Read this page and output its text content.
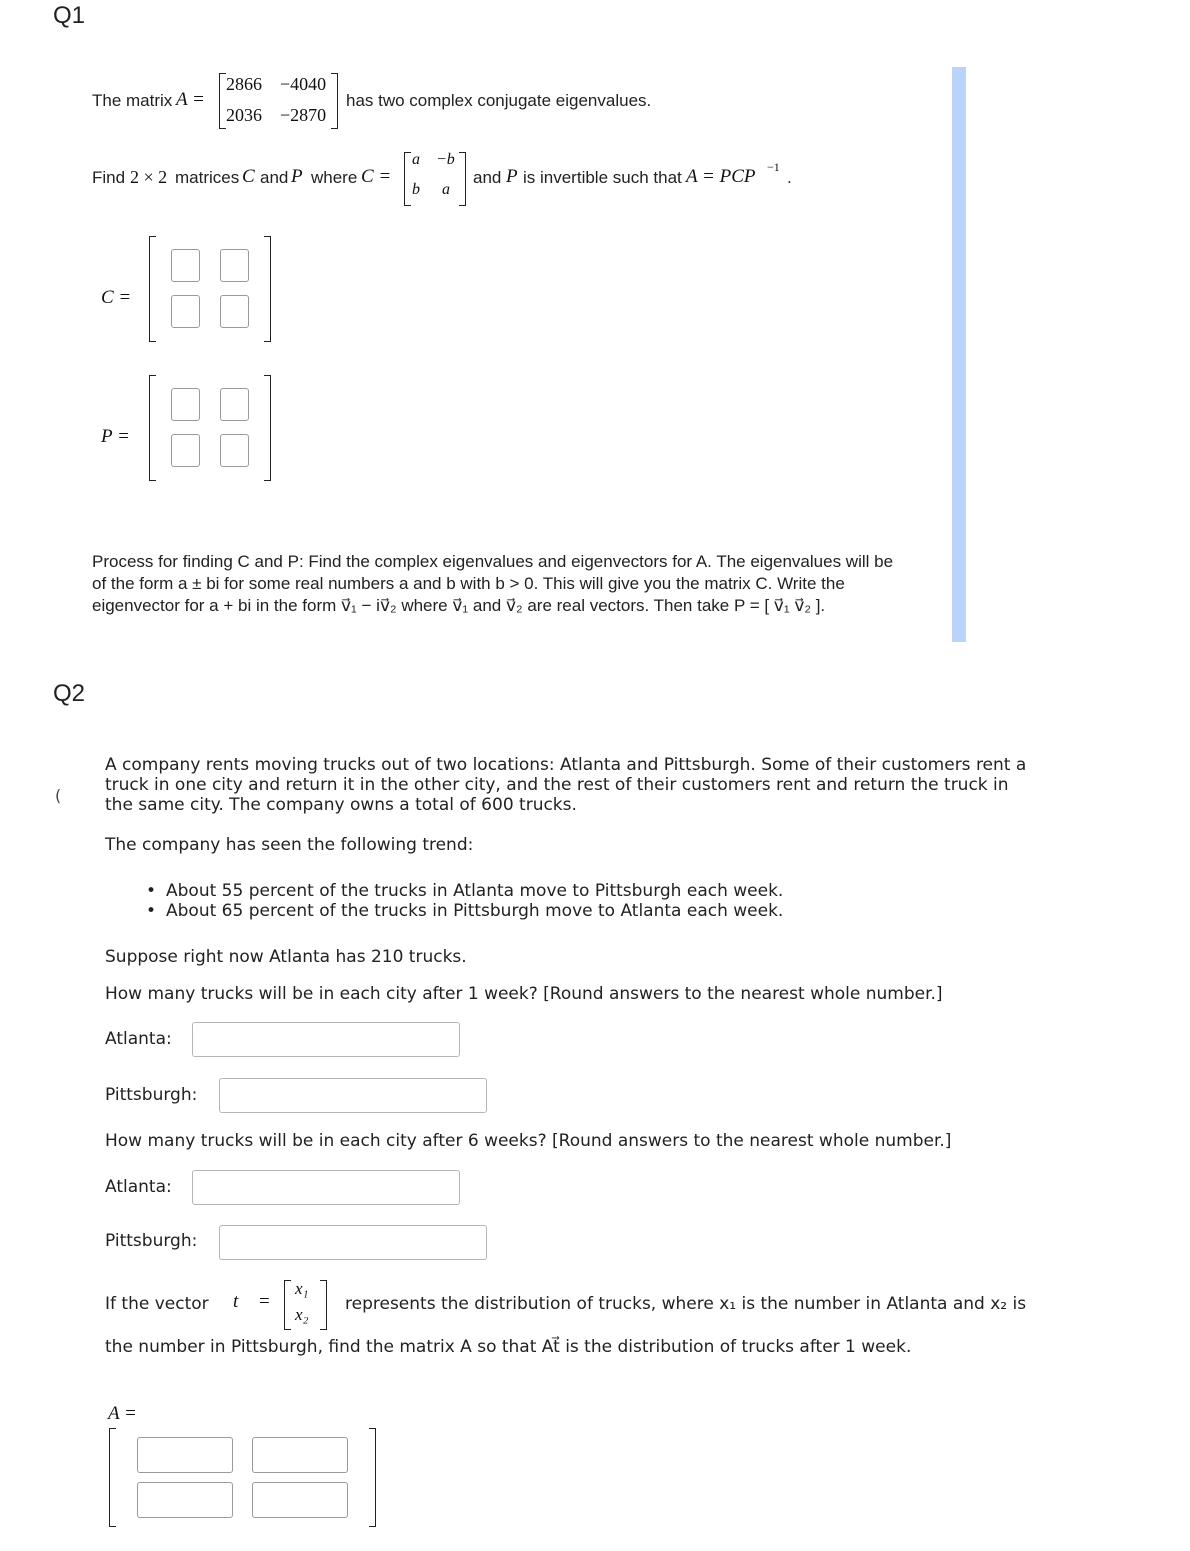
Q1
The matrix A =
2866 −4040
2036 −2870
has two complex conjugate eigenvalues.
Find 2 × 2 matrices C and P where C =
a −b
b a
and P is invertible such that A = PCP −1
.
C =
P =
Process for finding C and P: Find the complex eigenvalues and eigenvectors for A. The eigenvalues will be
of the form a ± bi for some real numbers a and b with b > 0. This will give you the matrix C. Write the
eigenvector for a + bi in the form v⃗₁ − iv⃗₂ where v⃗₁ and v⃗₂ are real vectors. Then take P = [ v⃗₁ v⃗₂ ].
Q2
(
A company rents moving trucks out of two locations: Atlanta and Pittsburgh. Some of their customers rent a
truck in one city and return it in the other city, and the rest of their customers rent and return the truck in
the same city. The company owns a total of 600 trucks.
The company has seen the following trend:
• About 55 percent of the trucks in Atlanta move to Pittsburgh each week.
• About 65 percent of the trucks in Pittsburgh move to Atlanta each week.
Suppose right now Atlanta has 210 trucks.
How many trucks will be in each city after 1 week? [Round answers to the nearest whole number.]
Atlanta:
Pittsburgh:
How many trucks will be in each city after 6 weeks? [Round answers to the nearest whole number.]
Atlanta:
Pittsburgh:
If the vector t⃗ =
x₁
x₂
represents the distribution of trucks, where x₁ is the number in Atlanta and x₂ is
the number in Pittsburgh, find the matrix A so that At⃗ is the distribution of trucks after 1 week.
A =
